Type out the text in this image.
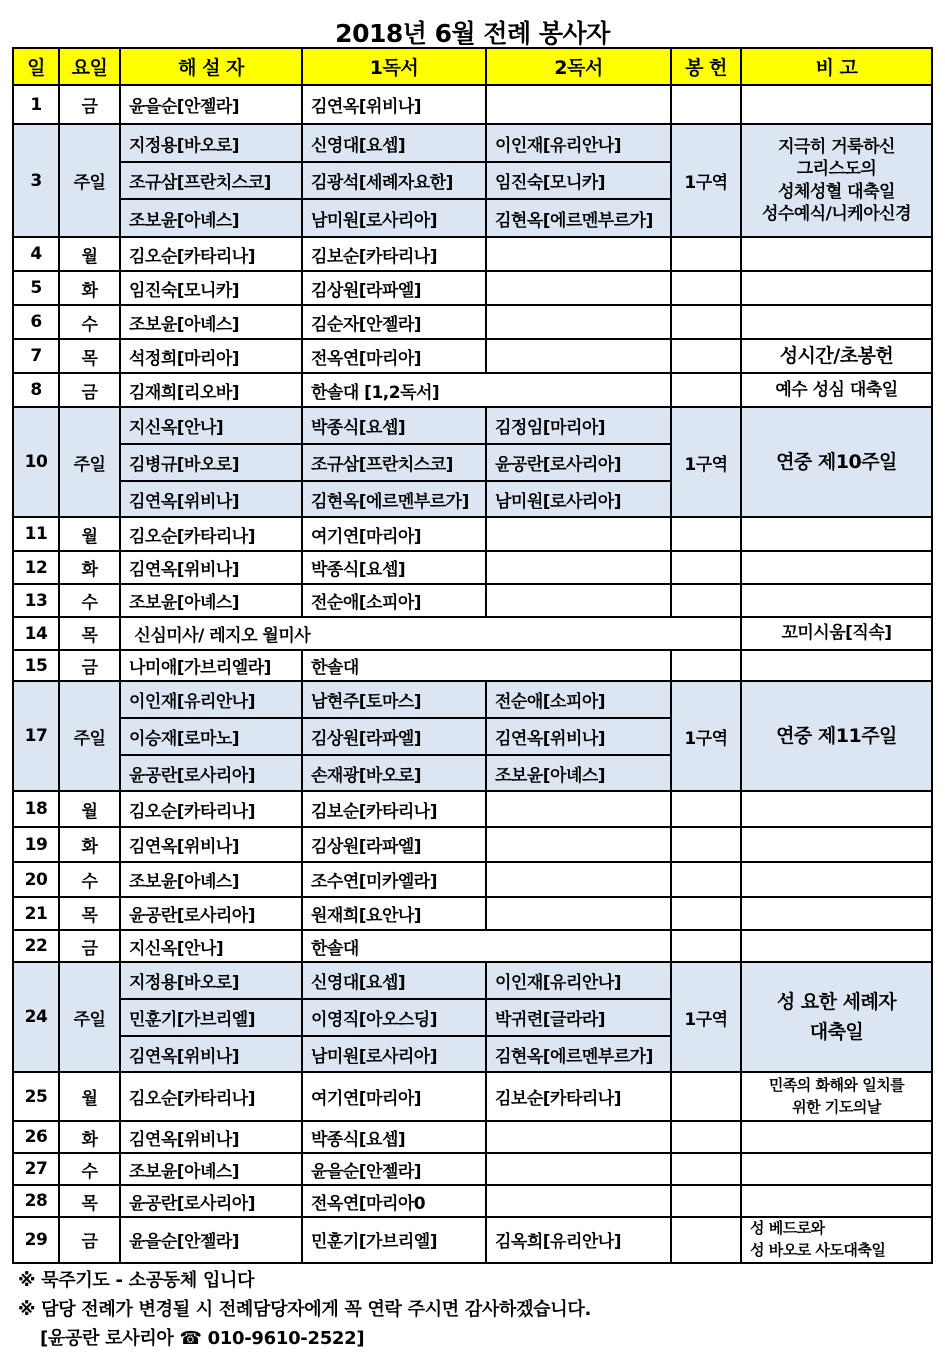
2018년 6월 전례 봉사자
일	요일	해 설 자	1독서	2독서	봉 헌	비 고
1	금	윤을순[안젤라]	김연옥[위비나]			
3	주일	지정용[바오로]	신영대[요셉]	이인재[유리안나]	1구역	지극히 거룩하신
그리스도의
성체성혈 대축일
성수예식/니케아신경

		조규삼[프란치스코]	김광석[세례자요한]	임진숙[모니카]		
		조보윤[아녜스]	남미원[로사리아]	김현옥[에르멘부르가]		
4	월	김오순[카타리나]	김보순[카타리나]			
5	화	임진숙[모니카]	김상원[라파엘]			
6	수	조보윤[아녜스]	김순자[안젤라]			
7	목	석정희[마리아]	전옥연[마리아]			성시간/초봉헌
8	금	김재희[리오바]	한솔대 [1,2독서]			예수 성심 대축일
10	주일	지신옥[안나]	박종식[요셉]	김정임[마리아]	1구역	연중 제10주일
		김병규[바오로]	조규삼[프란치스코]	윤공란[로사리아]		
		김연옥[위비나]	김현옥[에르멘부르가]	남미원[로사리아]		
11	월	김오순[카타리나]	여기연[마리아]			
12	화	김연옥[위비나]	박종식[요셉]			
13	수	조보윤[아녜스]	전순애[소피아]			
14	목	신심미사/ 레지오 월미사				꼬미시움[직속]
15	금	나미애[가브리엘라]	한솔대			
17	주일	이인재[유리안나]	남현주[토마스]	전순애[소피아]	1구역	연중 제11주일
		이승재[로마노]	김상원[라파엘]	김연옥[위비나]		
		윤공란[로사리아]	손재광[바오로]	조보윤[아녜스]		
18	월	김오순[카타리나]	김보순[카타리나]			
19	화	김연옥[위비나]	김상원[라파엘]			
20	수	조보윤[아녜스]	조수연[미카엘라]			
21	목	윤공란[로사리아]	원재희[요안나]			
22	금	지신옥[안나]	한솔대			
24	주일	지정용[바오로]	신영대[요셉]	이인재[유리안나]	1구역	성 요한 세례자
대축일

		민훈기[가브리엘]	이영직[아오스딩]	박귀련[글라라]		
		김연옥[위비나]	남미원[로사리아]	김현옥[에르멘부르가]		
25	월	김오순[카타리나]	여기연[마리아]	김보순[카타리나]		민족의 화해와 일치를
위한 기도의날

26	화	김연옥[위비나]	박종식[요셉]			
27	수	조보윤[아녜스]	윤을순[안젤라]			
28	목	윤공란[로사리아]	전옥연[마리아0			
29	금	윤을순[안젤라]	민훈기[가브리엘]	김옥희[유리안나]		성 베드로와
성 바오로 사도대축일
※ 묵주기도 - 소공동체 입니다
※ 담당 전례가 변경될 시 전례담당자에게 꼭 연락 주시면 감사하겠습니다.
[윤공란 로사리아 ☎ 010-9610-2522]
